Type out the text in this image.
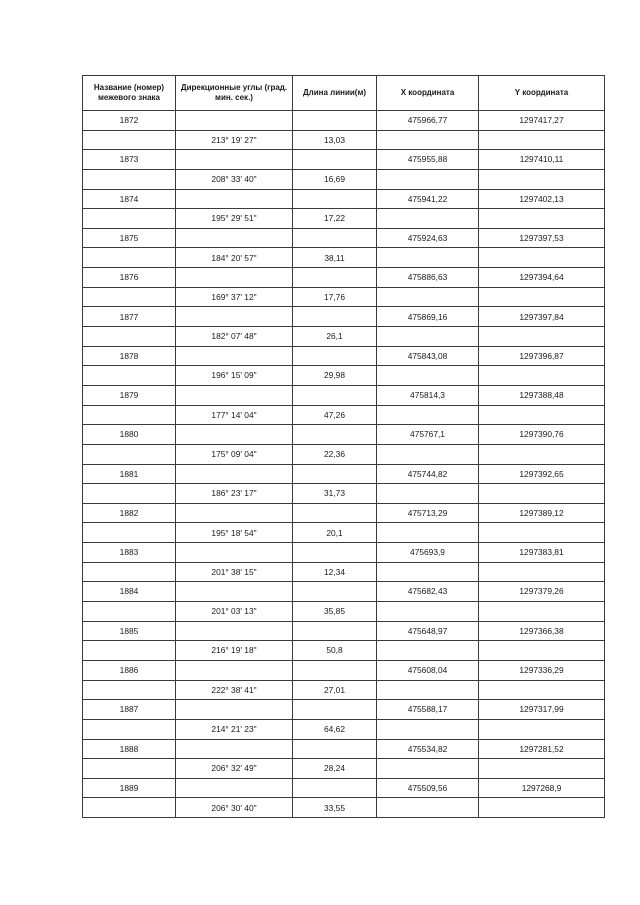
Название (номер) межевого знака	Дирекционные углы (град. мин. сек.)	Длина линии(м)	X координата	Y координата
1872			475966,77	1297417,27
	213° 19' 27"	13,03		
1873			475955,88	1297410,11
	208° 33' 40"	16,69		
1874			475941,22	1297402,13
	195° 29' 51"	17,22		
1875			475924,63	1297397,53
	184° 20' 57"	38,11		
1876			475886,63	1297394,64
	169° 37' 12"	17,76		
1877			475869,16	1297397,84
	182° 07' 48"	26,1		
1878			475843,08	1297396,87
	196° 15' 09"	29,98		
1879			475814,3	1297388,48
	177° 14' 04"	47,26		
1880			475767,1	1297390,76
	175° 09' 04"	22,36		
1881			475744,82	1297392,65
	186° 23' 17"	31,73		
1882			475713,29	1297389,12
	195° 18' 54"	20,1		
1883			475693,9	1297383,81
	201° 38' 15"	12,34		
1884			475682,43	1297379,26
	201° 03' 13"	35,85		
1885			475648,97	1297366,38
	216° 19' 18"	50,8		
1886			475608,04	1297336,29
	222° 38' 41"	27,01		
1887			475588,17	1297317,99
	214° 21' 23"	64,62		
1888			475534,82	1297281,52
	206° 32' 49"	28,24		
1889			475509,56	1297268,9
	206° 30' 40"	33,55		
